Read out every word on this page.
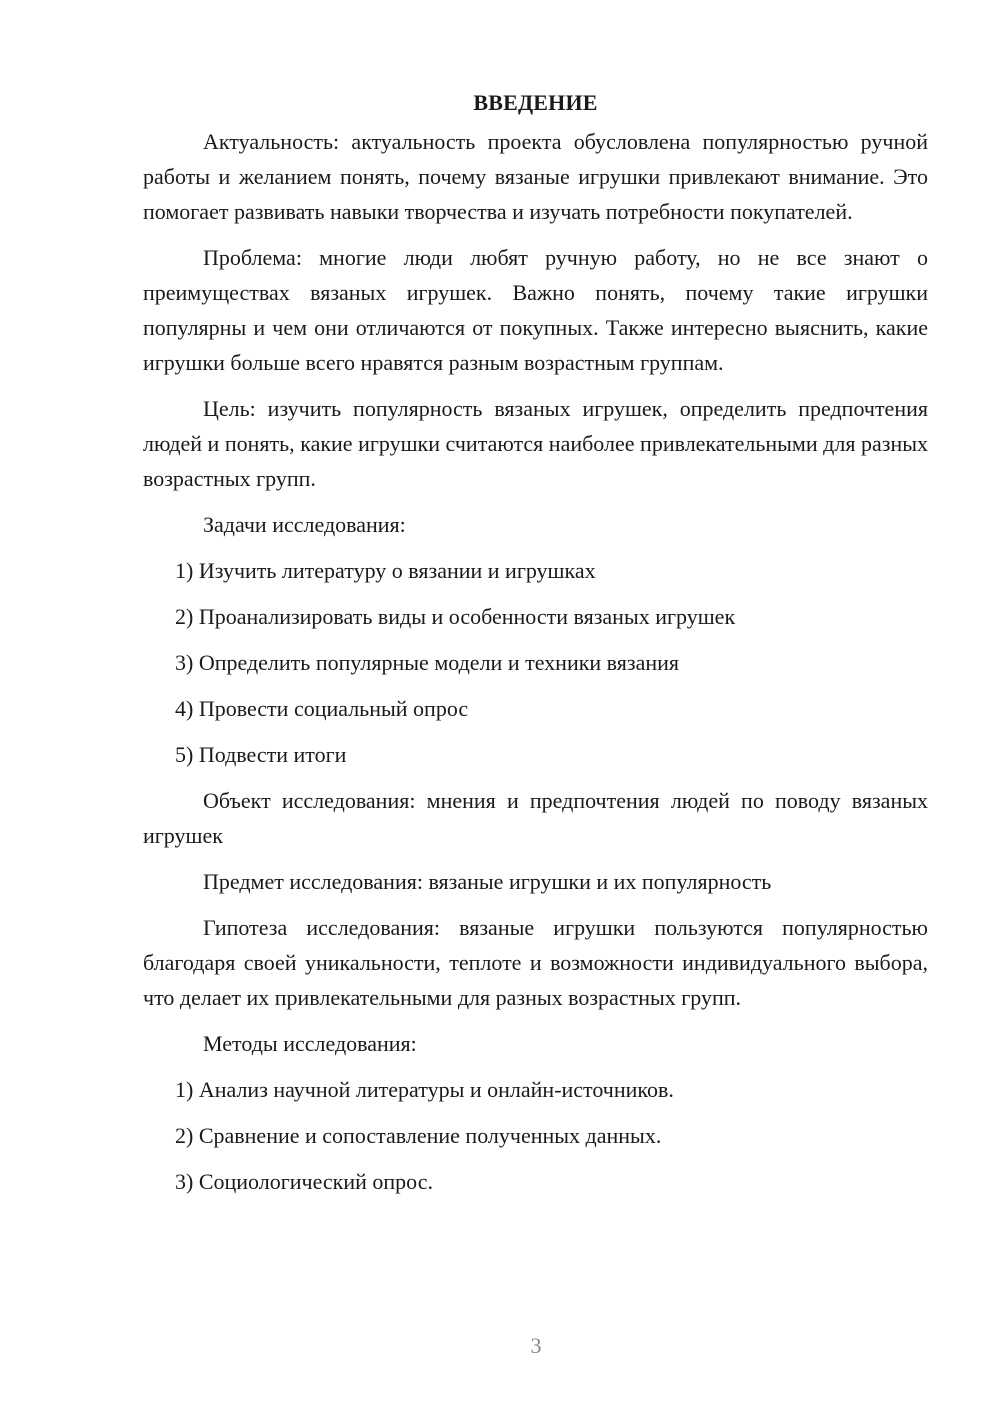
ВВЕДЕНИЕ

Актуальность: актуальность проекта обусловлена популярностью ручной работы и желанием понять, почему вязаные игрушки привлекают внимание. Это помогает развивать навыки творчества и изучать потребности покупателей.

Проблема: многие люди любят ручную работу, но не все знают о преимуществах вязаных игрушек. Важно понять, почему такие игрушки популярны и чем они отличаются от покупных. Также интересно выяснить, какие игрушки больше всего нравятся разным возрастным группам.

Цель: изучить популярность вязаных игрушек, определить предпочтения людей и понять, какие игрушки считаются наиболее привлекательными для разных возрастных групп.

Задачи исследования:

1) Изучить литературу о вязании и игрушках

2) Проанализировать виды и особенности вязаных игрушек

3) Определить популярные модели и техники вязания

4) Провести социальный опрос

5) Подвести итоги

Объект исследования: мнения и предпочтения людей по поводу вязаных игрушек

Предмет исследования: вязаные игрушки и их популярность

Гипотеза исследования: вязаные игрушки пользуются популярностью благодаря своей уникальности, теплоте и возможности индивидуального выбора, что делает их привлекательными для разных возрастных групп.

Методы исследования:

1) Анализ научной литературы и онлайн-источников.

2) Сравнение и сопоставление полученных данных.

3) Социологический опрос.

3
